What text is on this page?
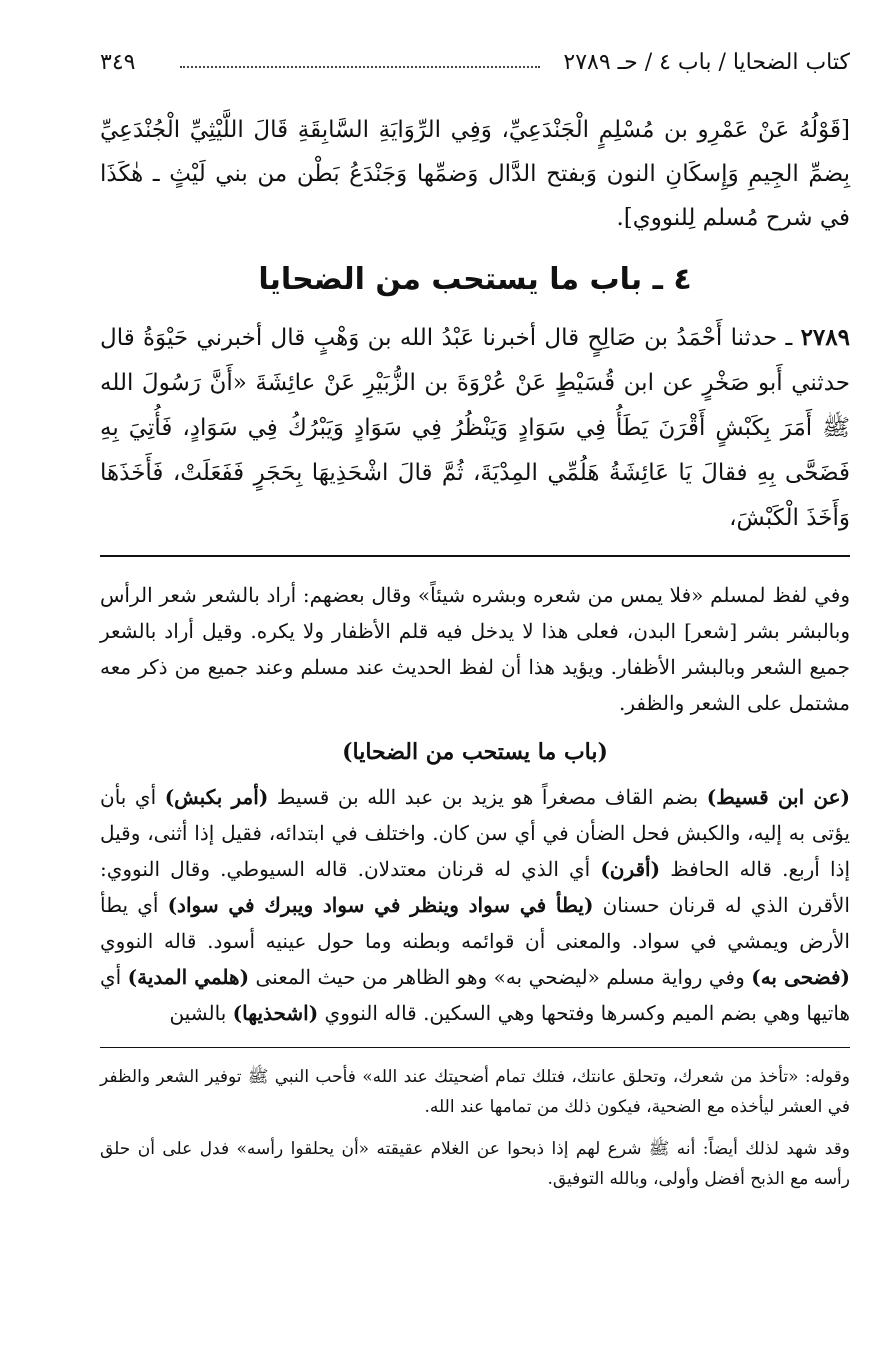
كتاب الضحايا / باب ٤ / حـ ٢٧٨٩
٣٤٩
[قَوْلُهُ عَنْ عَمْرِو بن مُسْلِمٍ الْجَنْدَعِيِّ، وَفِي الرِّوَايَةِ السَّابِقَةِ قَالَ اللَّيْثِيِّ الْجُنْدَعِيِّ بِضمِّ الجِيمِ وَإِسكَانِ النون وَبفتح الدَّال وَضمِّها وَجَنْدَعُ بَطْن من بني لَيْثٍ ـ هٰكَذَا في شرح مُسلم لِلنووي].
٤ ـ باب ما يستحب من الضحايا
٢٧٨٩ ـ حدثنا أَحْمَدُ بن صَالِحٍ قال أخبرنا عَبْدُ الله بن وَهْبٍ قال أخبرني حَيْوَةُ قال حدثني أَبو صَخْرٍ عن ابن قُسَيْطٍ عَنْ عُرْوَةَ بن الزُّبَيْرِ عَنْ عائِشَةَ «أَنَّ رَسُولَ الله ﷺ أَمَرَ بِكَبْشٍ أَقْرَنَ يَطَأُ فِي سَوَادٍ وَيَنْظُرُ فِي سَوَادٍ وَيَبْرُكُ فِي سَوَادٍ، فَأُتِيَ بِهِ فَضَحَّى بِهِ فقالَ يَا عَائِشَةُ هَلُمِّي المِدْيَةَ، ثُمَّ قالَ اشْحَذِيهَا بِحَجَرٍ فَفَعَلَتْ، فَأَخَذَهَا وَأَخَذَ الْكَبْشَ،
وفي لفظ لمسلم «فلا يمس من شعره وبشره شيئاً» وقال بعضهم: أراد بالشعر شعر الرأس وبالبشر بشر [شعر] البدن، فعلى هذا لا يدخل فيه قلم الأظفار ولا يكره. وقيل أراد بالشعر جميع الشعر وبالبشر الأظفار. ويؤيد هذا أن لفظ الحديث عند مسلم وعند جميع من ذكر معه مشتمل على الشعر والظفر.
(باب ما يستحب من الضحايا)
(عن ابن قسيط) بضم القاف مصغراً هو يزيد بن عبد الله بن قسيط (أمر بكبش) أي بأن يؤتى به إليه، والكبش فحل الضأن في أي سن كان. واختلف في ابتدائه، فقيل إذا أثنى، وقيل إذا أربع. قاله الحافظ (أقرن) أي الذي له قرنان معتدلان. قاله السيوطي. وقال النووي: الأقرن الذي له قرنان حسنان (يطأ في سواد وينظر في سواد ويبرك في سواد) أي يطأ الأرض ويمشي في سواد. والمعنى أن قوائمه وبطنه وما حول عينيه أسود. قاله النووي (فضحى به) وفي رواية مسلم «ليضحي به» وهو الظاهر من حيث المعنى (هلمي المدية) أي هاتيها وهي بضم الميم وكسرها وفتحها وهي السكين. قاله النووي (اشحذيها) بالشين
وقوله: «تأخذ من شعرك، وتحلق عانتك، فتلك تمام أضحيتك عند الله» فأحب النبي ﷺ توفير الشعر والظفر في العشر ليأخذه مع الضحية، فيكون ذلك من تمامها عند الله.
وقد شهد لذلك أيضاً: أنه ﷺ شرع لهم إذا ذبحوا عن الغلام عقيقته «أن يحلقوا رأسه» فدل على أن حلق رأسه مع الذبح أفضل وأولى، وبالله التوفيق.
